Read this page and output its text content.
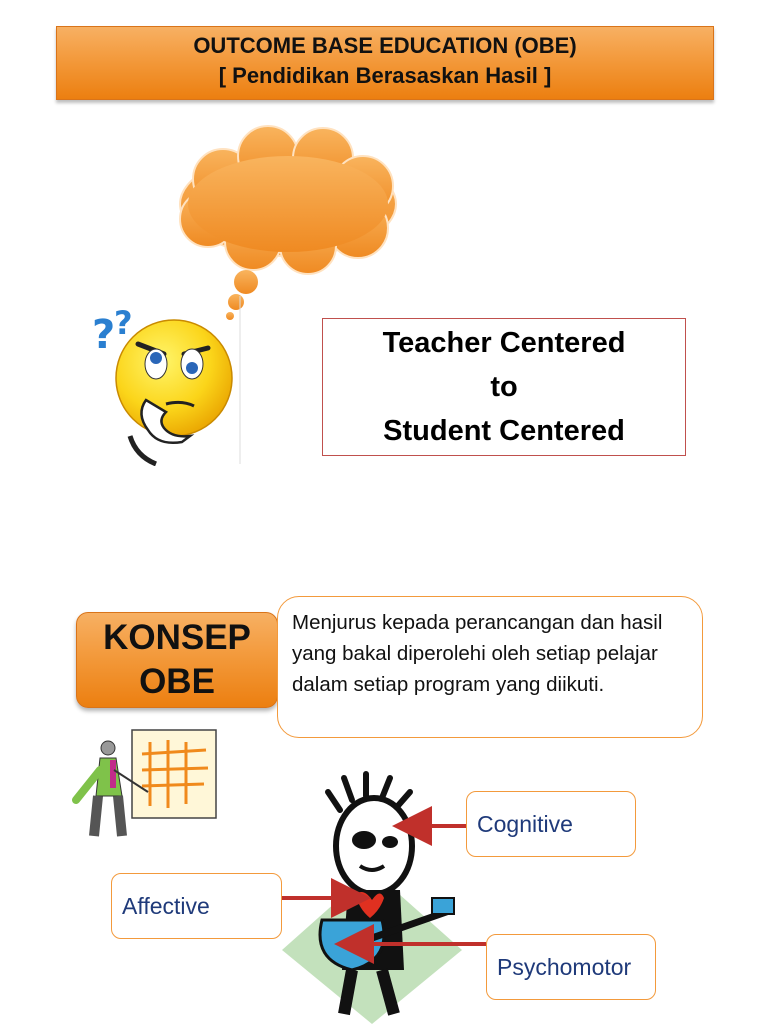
OUTCOME BASE EDUCATION (OBE)
[ Pendidikan Berasaskan Hasil ]
?
?
Teacher Centered
to
Student Centered
KONSEP
OBE
Menjurus kepada perancangan dan hasil yang bakal diperolehi oleh setiap pelajar dalam setiap program yang diikuti.
Cognitive
Affective
Psychomotor
